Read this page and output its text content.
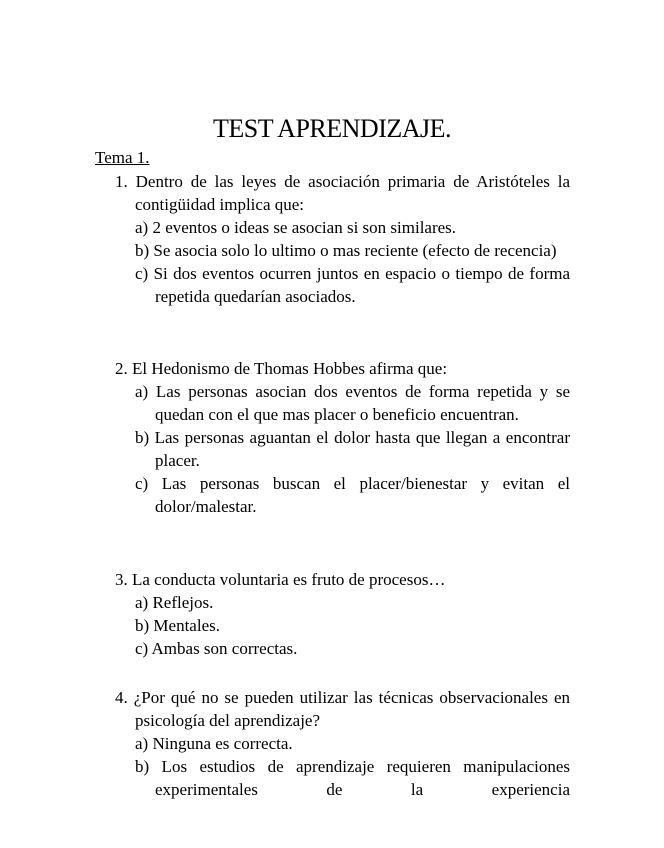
TEST APRENDIZAJE.
Tema 1.

1. Dentro de las leyes de asociación primaria de Aristóteles la contigüidad implica que:

a) 2 eventos o ideas se asocian si son similares.

b) Se asocia solo lo ultimo o mas reciente (efecto de recencia)

c) Si dos eventos ocurren juntos en espacio o tiempo de forma repetida quedarían asociados.

2. El Hedonismo de Thomas Hobbes afirma que:

a) Las personas asocian dos eventos de forma repetida y se quedan con el que mas placer o beneficio encuentran.

b) Las personas aguantan el dolor hasta que llegan a encontrar placer.

c) Las personas buscan el placer/bienestar y evitan el dolor/malestar.

3. La conducta voluntaria es fruto de procesos…

a) Reflejos.

b) Mentales.

c) Ambas son correctas.

4. ¿Por qué no se pueden utilizar las técnicas observacionales en psicología del aprendizaje?

a) Ninguna es correcta.

b) Los estudios de aprendizaje requieren manipulaciones experimentales de la experiencia
